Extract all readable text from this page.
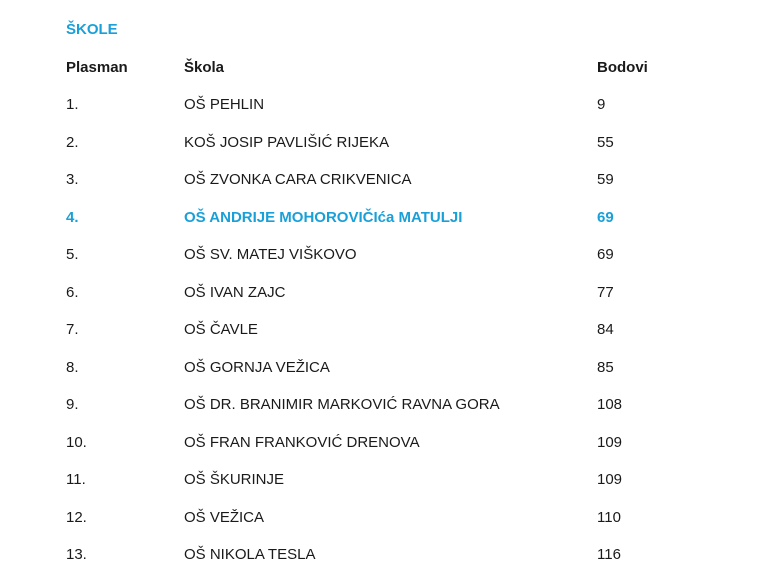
ŠKOLE
Plasman	Škola	Bodovi
1.	OŠ PEHLIN	9
2.	KOŠ JOSIP PAVLIŠIĆ RIJEKA	55
3.	OŠ ZVONKA CARA CRIKVENICA	59
4.	OŠ ANDRIJE MOHOROVIČIća MATULJI	69
5.	OŠ SV. MATEJ VIŠKOVO	69
6.	OŠ IVAN ZAJC	77
7.	OŠ ČAVLE	84
8.	OŠ GORNJA VEŽICA	85
9.	OŠ DR. BRANIMIR MARKOVIĆ RAVNA GORA	108
10.	OŠ FRAN FRANKOVIĆ DRENOVA	109
11.	OŠ ŠKURINJE	109
12.	OŠ VEŽICA	110
13.	OŠ NIKOLA TESLA	116
